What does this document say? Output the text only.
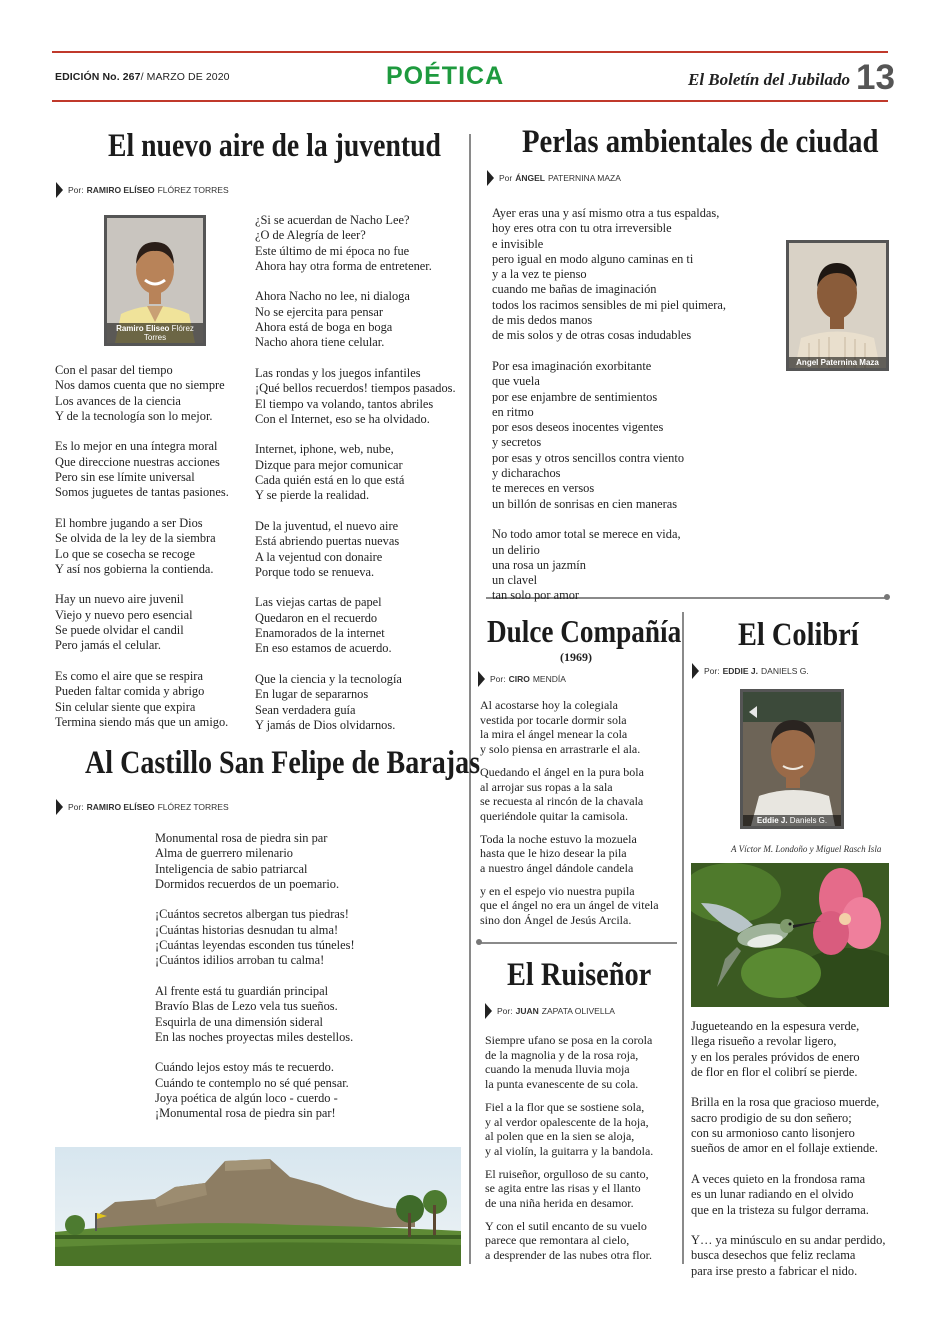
EDICIÓN No. 267/ MARZO DE 2020	POÉTICA	El Boletín del Jubilado 13
El nuevo aire de la juventud
Por: RAMIRO ELÍSEO FLÓREZ TORRES
Ramiro Eliseo Flórez Torres
Con el pasar del tiempo
Nos damos cuenta que no siempre
Los avances de la ciencia
Y de la tecnología son lo mejor.
Es lo mejor en una íntegra moral
Que direccione nuestras acciones
Pero sin ese límite universal
Somos juguetes de tantas pasiones.
El hombre jugando a ser Dios
Se olvida de la ley de la siembra
Lo que se cosecha se recoge
Y así nos gobierna la contienda.
Hay un nuevo aire juvenil
Viejo y nuevo pero esencial
Se puede olvidar el candil
Pero jamás el celular.
Es como el aire que se respira
Pueden faltar comida y abrigo
Sin celular siente que expira
Termina siendo más que un amigo.
¿Si se acuerdan de Nacho Lee?
¿O de Alegría de leer?
Este último de mi época no fue
Ahora hay otra forma de entretener.
Ahora Nacho no lee, ni dialoga
No se ejercita para pensar
Ahora está de boga en boga
Nacho ahora tiene celular.
Las rondas y los juegos infantiles
¡Qué bellos recuerdos! tiempos pasados.
El tiempo va volando, tantos abriles
Con el Internet, eso se ha olvidado.
Internet, iphone, web, nube,
Dizque para mejor comunicar
Cada quién está en lo que está
Y se pierde la realidad.
De la juventud, el nuevo aire
Está abriendo puertas nuevas
A la vejentud con donaire
Porque todo se renueva.
Las viejas cartas de papel
Quedaron en el recuerdo
Enamorados de la internet
En eso estamos de acuerdo.
Que la ciencia y la tecnología
En lugar de separarnos
Sean verdadera guía
Y jamás de Dios olvidarnos.
Al Castillo San Felipe de Barajas
Por: RAMIRO ELÍSEO FLÓREZ TORRES
Monumental rosa de piedra sin par
Alma de guerrero milenario
Inteligencia de sabio patriarcal
Dormidos recuerdos de un poemario.
¡Cuántos secretos albergan tus piedras!
¡Cuántas historias desnudan tu alma!
¡Cuántas leyendas esconden tus túneles!
¡Cuántos idilios arroban tu calma!
Al frente está tu guardián principal
Bravío Blas de Lezo vela tus sueños.
Esquirla de una dimensión sideral
En las noches proyectas miles destellos.
Cuándo lejos estoy más te recuerdo.
Cuándo te contemplo no sé qué pensar.
Joya poética de algún loco - cuerdo -
¡Monumental rosa de piedra sin par!
Perlas ambientales de ciudad
Por ÁNGEL PATERNINA MAZA
Angel Paternina Maza
Ayer eras una y así mismo otra a tus espaldas,
hoy eres otra con tu otra irreversible
e invisible
pero igual en modo alguno caminas en ti
y a la vez te pienso
cuando me bañas de imaginación
todos los racimos sensibles de mi piel quimera,
de mis dedos manos
de mis solos y de otras cosas indudables
Por esa imaginación exorbitante
que vuela
por ese enjambre de sentimientos
en ritmo
por esos deseos inocentes vigentes
y secretos
por esas y otros sencillos contra viento
y dicharachos
te mereces en versos
un billón de sonrisas en cien maneras
No todo amor total se merece en vida,
un delirio
una rosa un jazmín
un clavel
tan solo por amor
Dulce Compañía
(1969)
Por: CIRO MENDÍA
Al acostarse hoy la colegiala
vestida por tocarle dormir sola
la mira el ángel menear la cola
y solo piensa en arrastrarle el ala.
Quedando el ángel en la pura bola
al arrojar sus ropas a la sala
se recuesta al rincón de la chavala
queriéndole quitar la camisola.
Toda la noche estuvo la mozuela
hasta que le hizo desear la pila
a nuestro ángel dándole candela
y en el espejo vio nuestra pupila
que el ángel no era un ángel de vitela
sino don Ángel de Jesús Arcila.
El Colibrí
Por: EDDIE J. DANIELS G.
Eddie J. Daniels G.
A Víctor M. Londoño y Miguel Rasch Isla
Jugueteando en la espesura verde,
llega risueño a revolar ligero,
y en los perales próvidos de enero
de flor en flor el colibrí se pierde.
Brilla en la rosa que gracioso muerde,
sacro prodigio de su don señero;
con su armonioso canto lisonjero
sueños de amor en el follaje extiende.
A veces quieto en la frondosa rama
es un lunar radiando en el olvido
que en la tristeza su fulgor derrama.
Y… ya minúsculo en su andar perdido,
busca desechos que feliz reclama
para irse presto a fabricar el nido.
El Ruiseñor
Por: JUAN ZAPATA OLIVELLA
Siempre ufano se posa en la corola
de la magnolia y de la rosa roja,
cuando la menuda lluvia moja
la punta evanescente de su cola.
Fiel a la flor que se sostiene sola,
y al verdor opalescente de la hoja,
al polen que en la sien se aloja,
y al violín, la guitarra y la bandola.
El ruiseñor, orgulloso de su canto,
se agita entre las risas y el llanto
de una niña herida en desamor.
Y con el sutil encanto de su vuelo
parece que remontara al cielo,
a desprender de las nubes otra flor.
